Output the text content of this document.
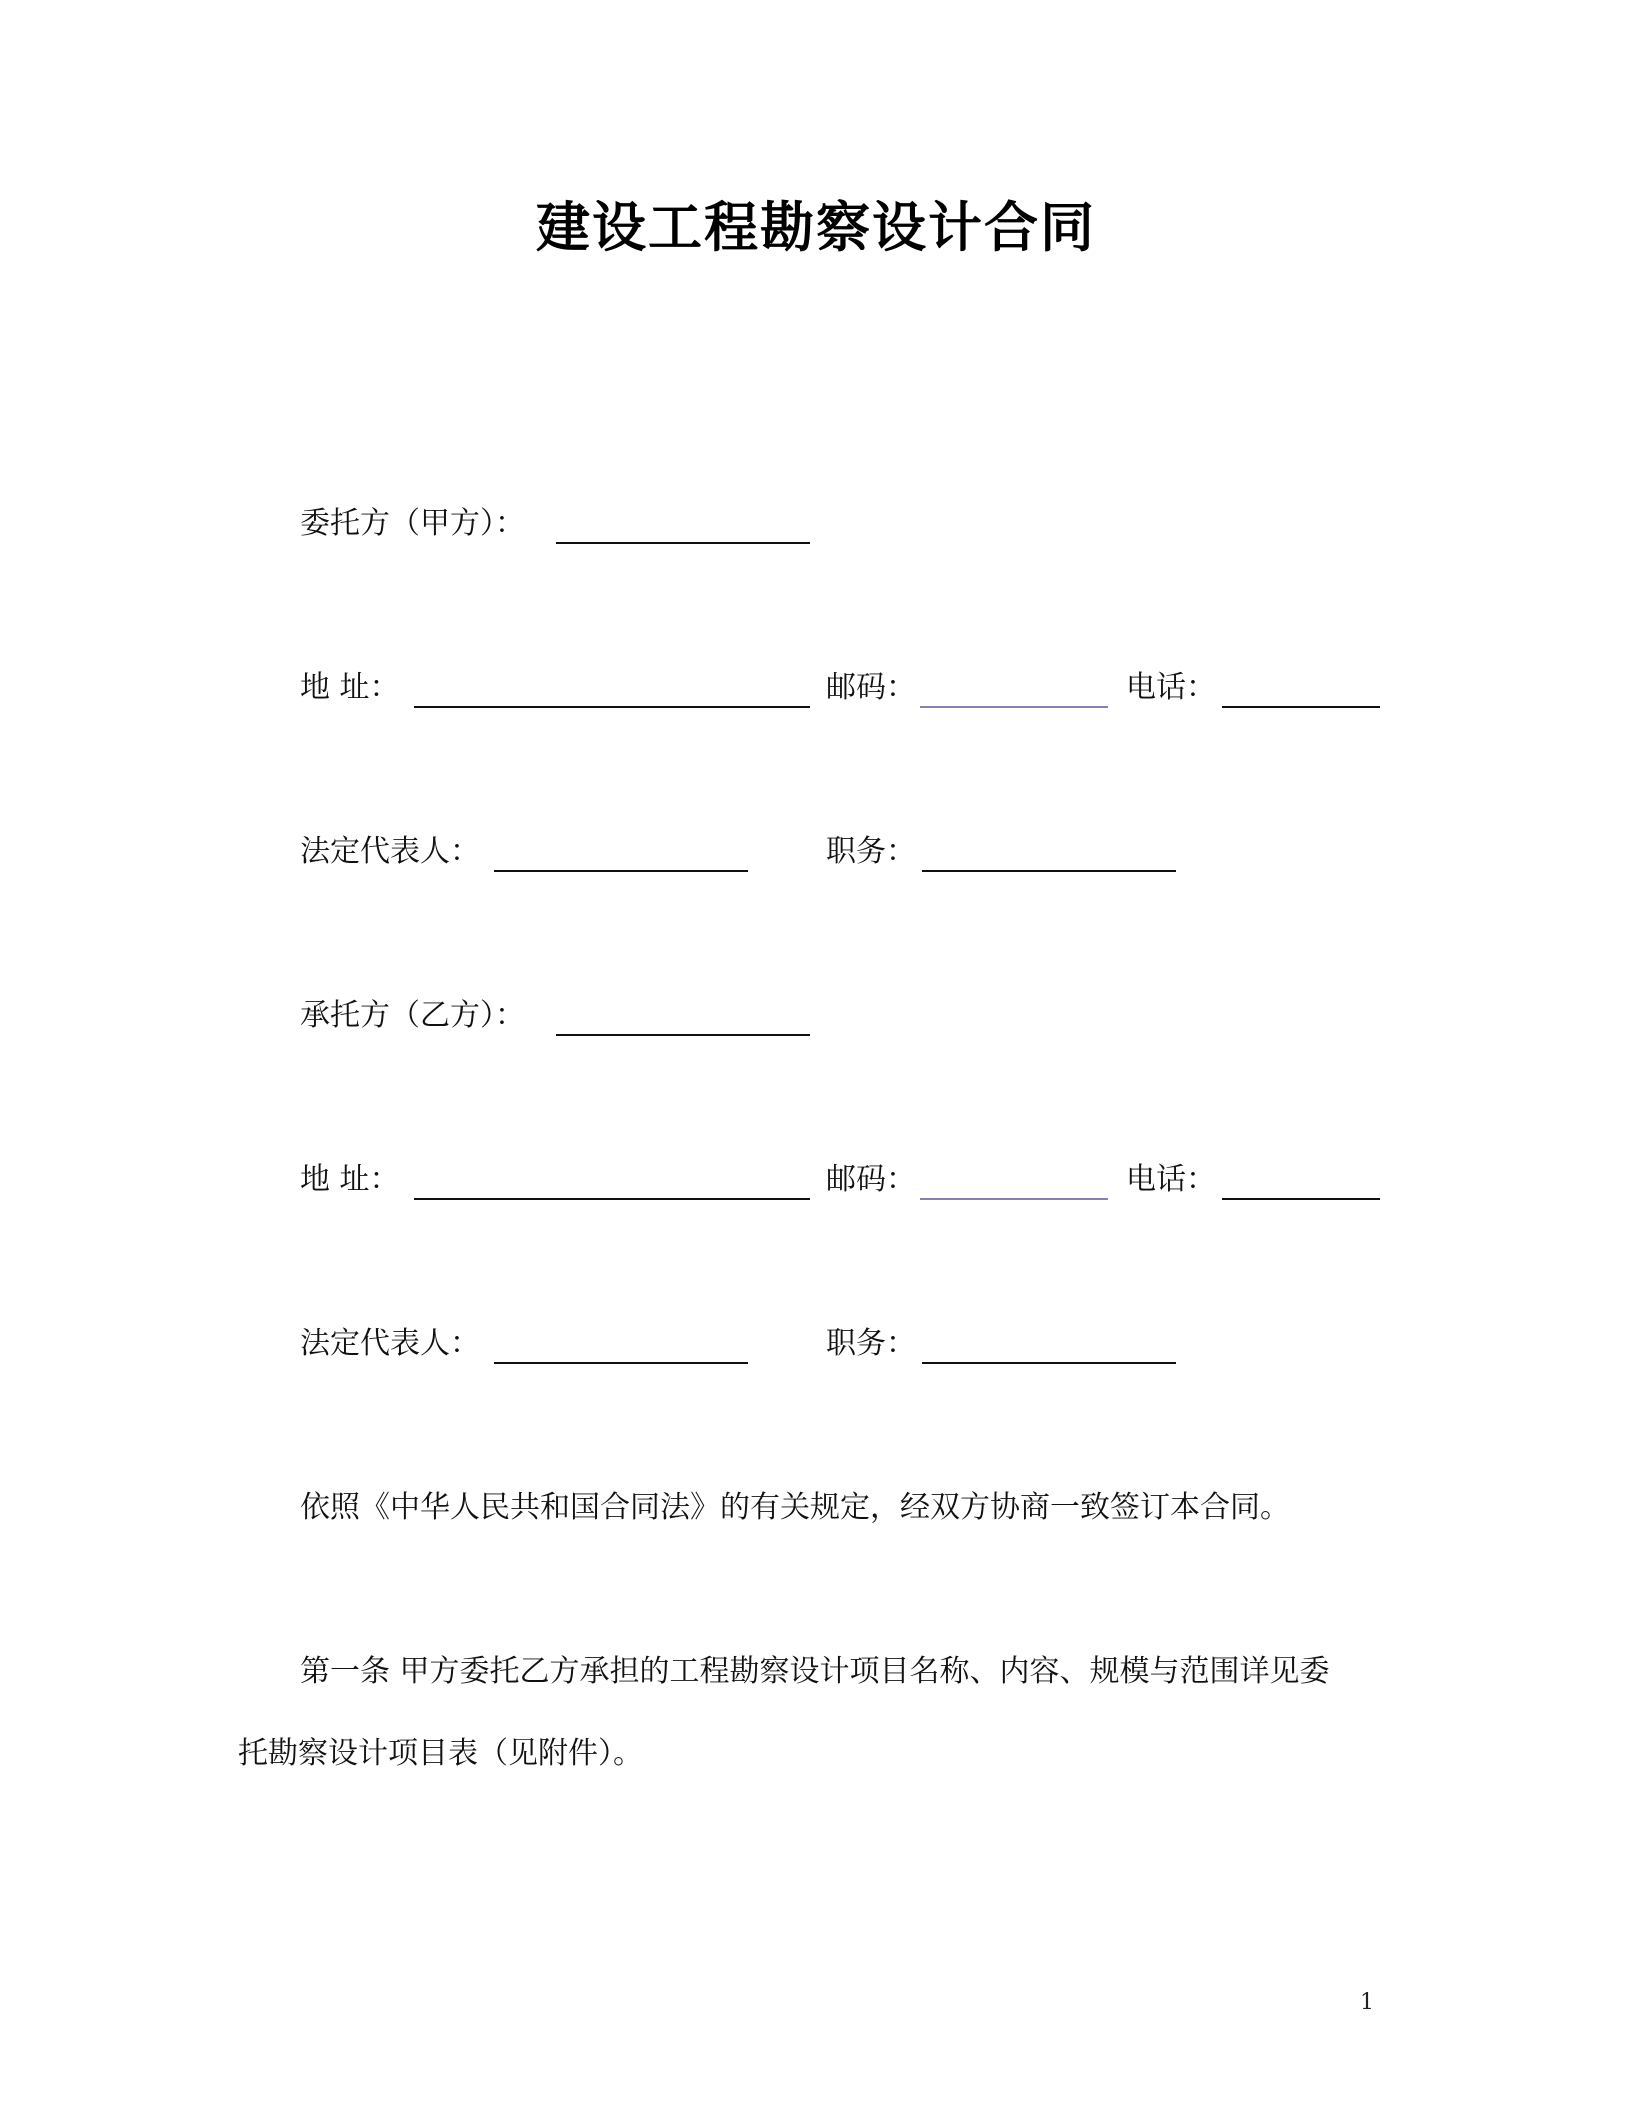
建设工程勘察设计合同
委托方（甲方）：
地 址：	邮码：	电话：
法定代表人：	职务：
承托方（乙方）：
地 址：	邮码：	电话：
法定代表人：	职务：
依照《中华人民共和国合同法》的有关规定，经双方协商一致签订本合同。
第一条 甲方委托乙方承担的工程勘察设计项目名称、内容、规模与范围详见委
托勘察设计项目表（见附件）。
1
